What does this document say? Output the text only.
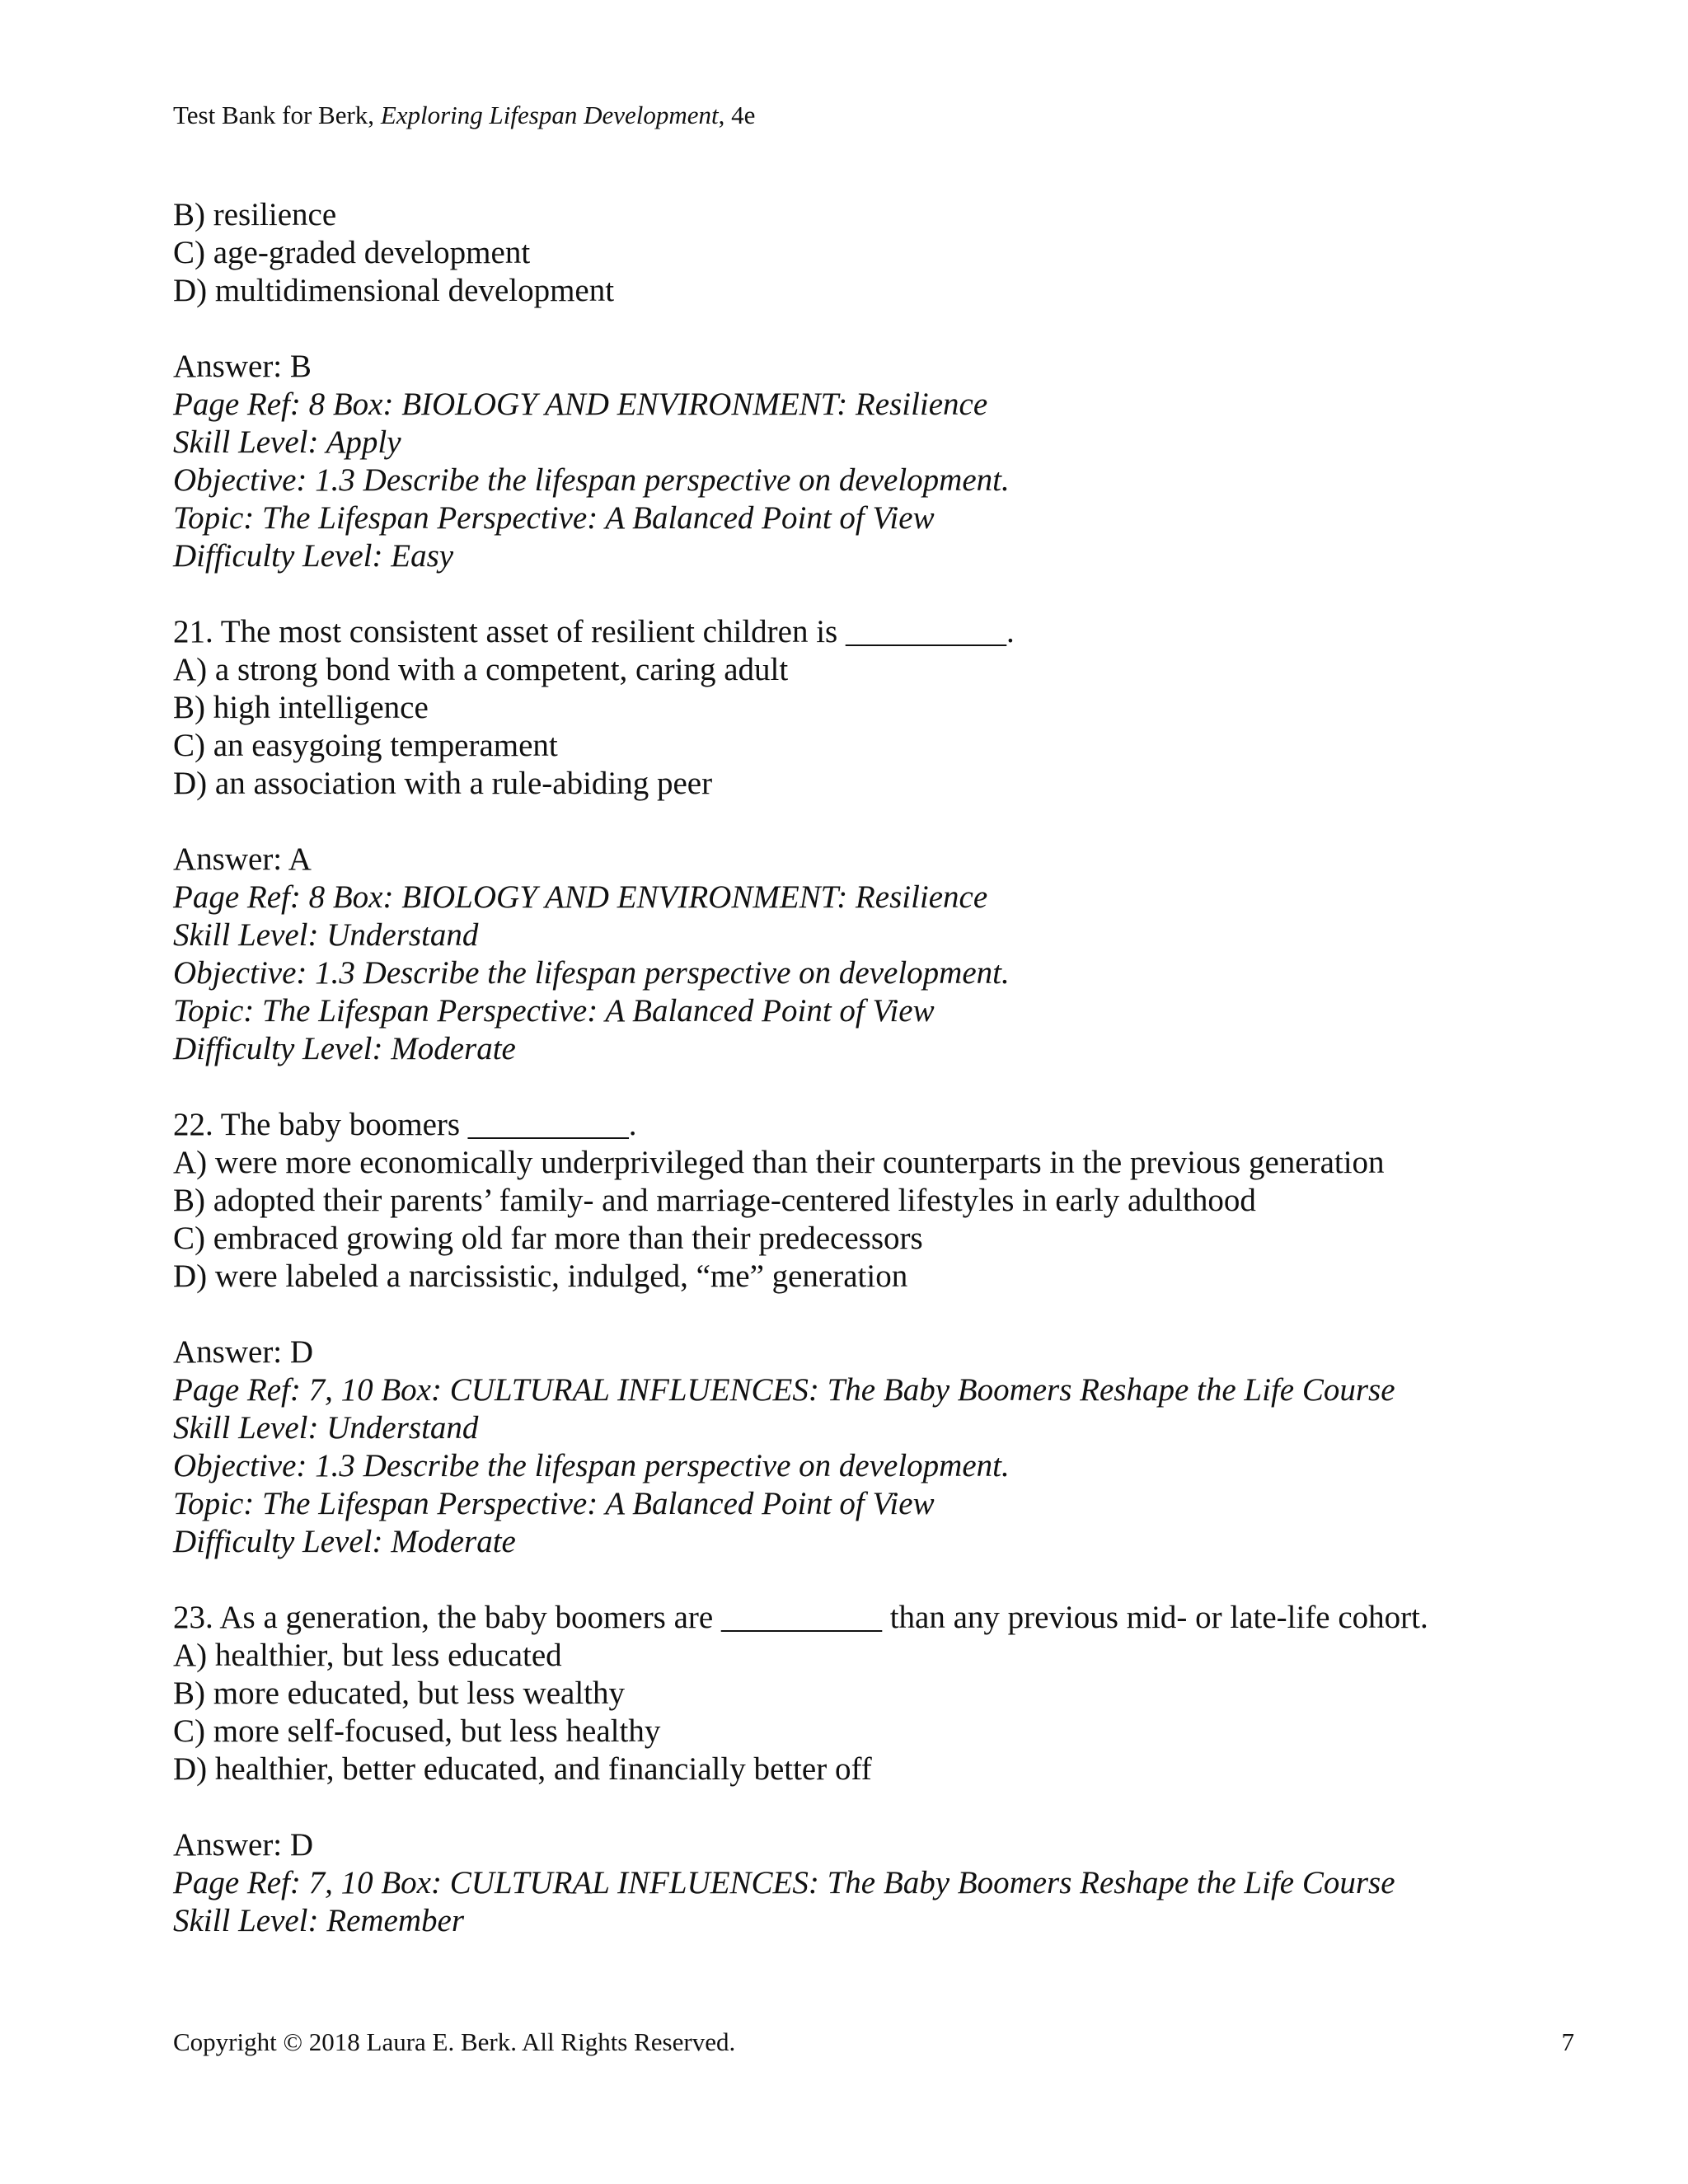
Test Bank for Berk, Exploring Lifespan Development, 4e
B) resilience
C) age-graded development
D) multidimensional development
Answer: B
Page Ref: 8 Box: BIOLOGY AND ENVIRONMENT: Resilience
Skill Level: Apply
Objective: 1.3 Describe the lifespan perspective on development.
Topic: The Lifespan Perspective: A Balanced Point of View
Difficulty Level: Easy
21. The most consistent asset of resilient children is __________.
A) a strong bond with a competent, caring adult
B) high intelligence
C) an easygoing temperament
D) an association with a rule-abiding peer
Answer: A
Page Ref: 8 Box: BIOLOGY AND ENVIRONMENT: Resilience
Skill Level: Understand
Objective: 1.3 Describe the lifespan perspective on development.
Topic: The Lifespan Perspective: A Balanced Point of View
Difficulty Level: Moderate
22. The baby boomers __________.
A) were more economically underprivileged than their counterparts in the previous generation
B) adopted their parents’ family- and marriage-centered lifestyles in early adulthood
C) embraced growing old far more than their predecessors
D) were labeled a narcissistic, indulged, “me” generation
Answer: D
Page Ref: 7, 10 Box: CULTURAL INFLUENCES: The Baby Boomers Reshape the Life Course
Skill Level: Understand
Objective: 1.3 Describe the lifespan perspective on development.
Topic: The Lifespan Perspective: A Balanced Point of View
Difficulty Level: Moderate
23. As a generation, the baby boomers are __________ than any previous mid- or late-life cohort.
A) healthier, but less educated
B) more educated, but less wealthy
C) more self-focused, but less healthy
D) healthier, better educated, and financially better off
Answer: D
Page Ref: 7, 10 Box: CULTURAL INFLUENCES: The Baby Boomers Reshape the Life Course
Skill Level: Remember
Copyright © 2018 Laura E. Berk. All Rights Reserved.	7
